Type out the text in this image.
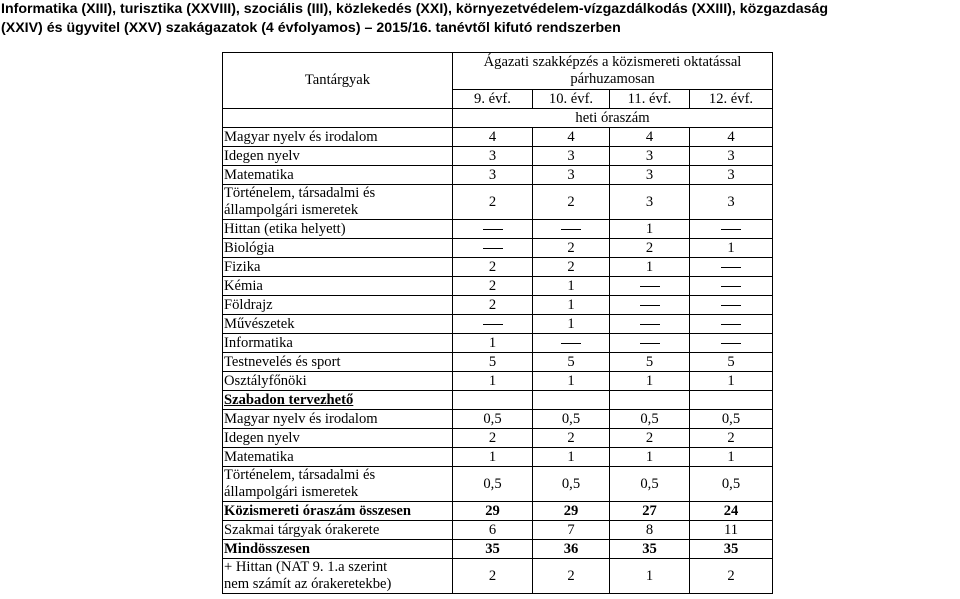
Informatika (XIII), turisztika (XXVIII), szociális (III), közlekedés (XXI), környezetvédelem-vízgazdálkodás (XXIII), közgazdaság
(XXIV) és ügyvitel (XXV) szakágazatok (4 évfolyamos) – 2015/16. tanévtől kifutó rendszerben
Tantárgyak	Ágazati szakképzés a közismereti oktatással párhuzamosan			
	9. évf.	10. évf.	11. évf.	12. évf.
	heti óraszám			
Magyar nyelv és irodalom	4	4	4	4
Idegen nyelv	3	3	3	3
Matematika	3	3	3	3

Történelem, társadalmi és
állampolgári ismeretek	2	2	3	3
Hittan (etika helyett)			1	
Biológia		2	2	1
Fizika	2	2	1	
Kémia	2	1		
Földrajz	2	1		
Művészetek		1		
Informatika	1			
Testnevelés és sport	5	5	5	5
Osztályfőnöki	1	1	1	1
Szabadon tervezhető				
Magyar nyelv és irodalom	0,5	0,5	0,5	0,5
Idegen nyelv	2	2	2	2
Matematika	1	1	1	1

Történelem, társadalmi és
állampolgári ismeretek	0,5	0,5	0,5	0,5
Közismereti óraszám összesen	29	29	27	24
Szakmai tárgyak órakerete	6	7	8	11
Mindösszesen	35	36	35	35

+ Hittan (NAT 9. 1.a szerint
nem számít az órakeretekbe)	2	2	1	2
